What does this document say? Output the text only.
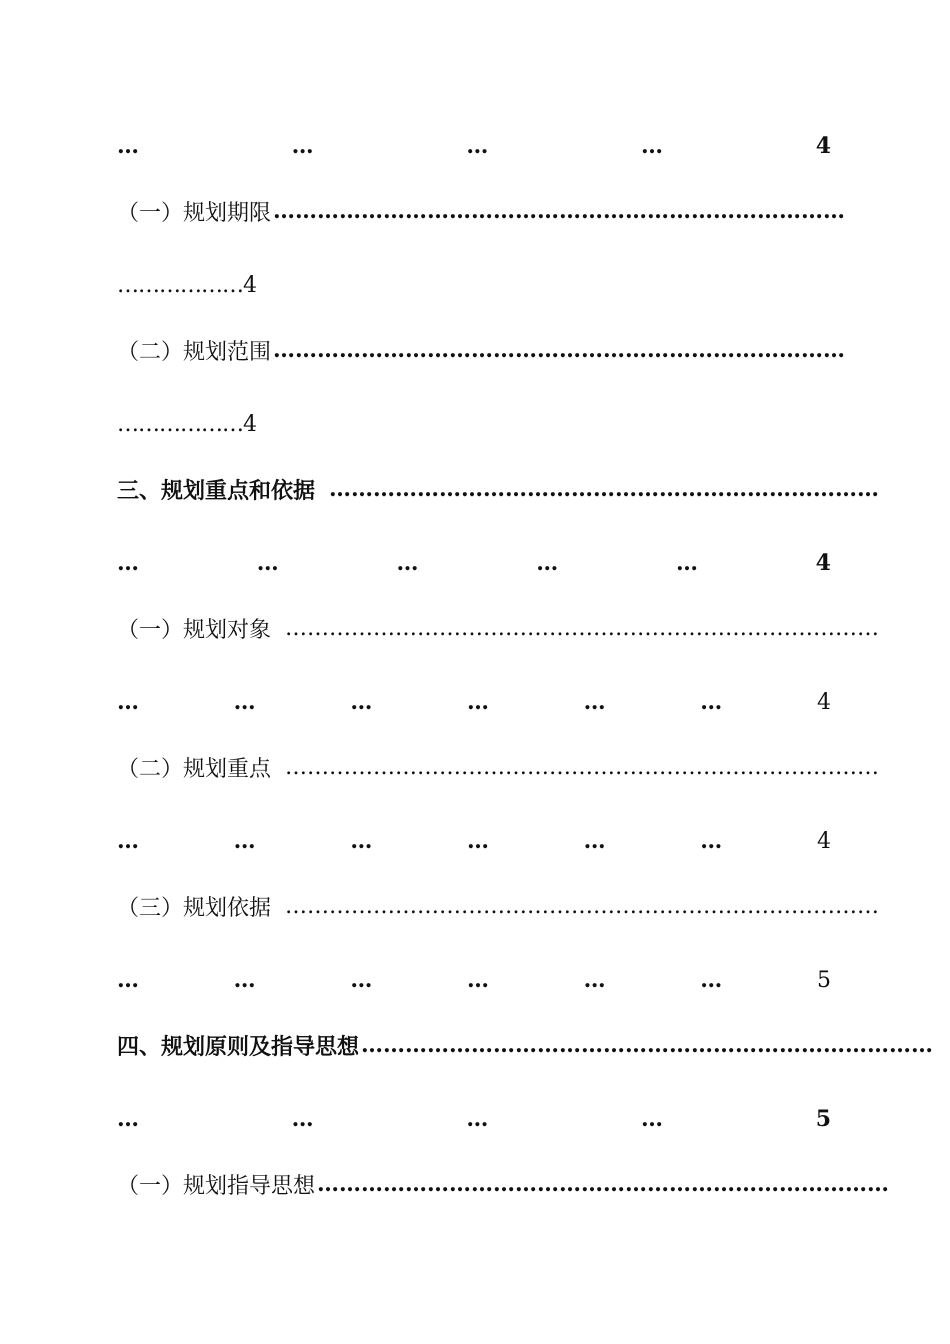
…	…	…	…	4
（一）规划期限 ……………………………………………………………………
……………… 4
（二）规划范围 ……………………………………………………………………
……………… 4
三、规划重点和依据 …………………………………………………………………
…	…	…	…	…	4
（一）规划对象 ………………………………………………………………………
…	…	…	…	…	…	4
（二）规划重点 ………………………………………………………………………
…	…	…	…	…	…	4
（三）规划依据 ………………………………………………………………………
…	…	…	…	…	…	5
四、规划原则及指导思想 ……………………………………………………………………
…	…	…	…	5
（一）规划指导思想 ……………………………………………………………………
